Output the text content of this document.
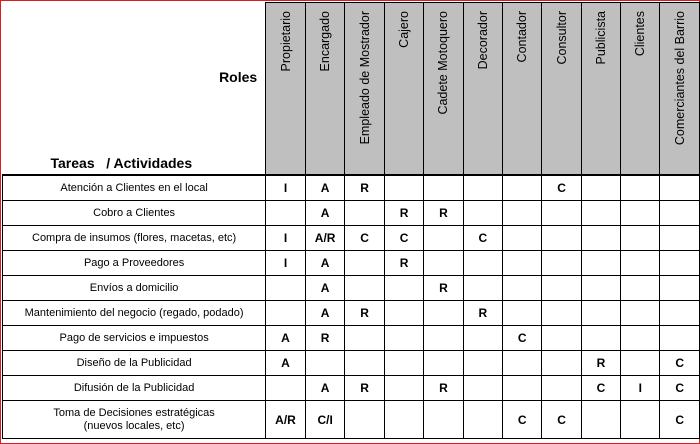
Roles
Tareas   / Actividades	Propietario	Encargado	Empleado de Mostrador	Cajero	Cadete Motoquero	Decorador	Contador	Consultor	Publicista	Clientes	Comerciantes del Barrio

Atención a Clientes en el local	I	A	R					C			

Cobro a Clientes		A		R	R						

Compra de insumos (flores, macetas, etc)	I	A/R	C	C		C					

Pago a Proveedores	I	A		R							

Envíos a domicilio		A			R						

Mantenimiento del negocio (regado, podado)		A	R			R					

Pago de servicios e impuestos	A	R					C				

Diseño de la Publicidad	A								R		C

Difusión de la Publicidad		A	R		R				C	I	C

Toma de Decisiones estratégicas
(nuevos locales, etc)	A/R	C/I					C	C			C
